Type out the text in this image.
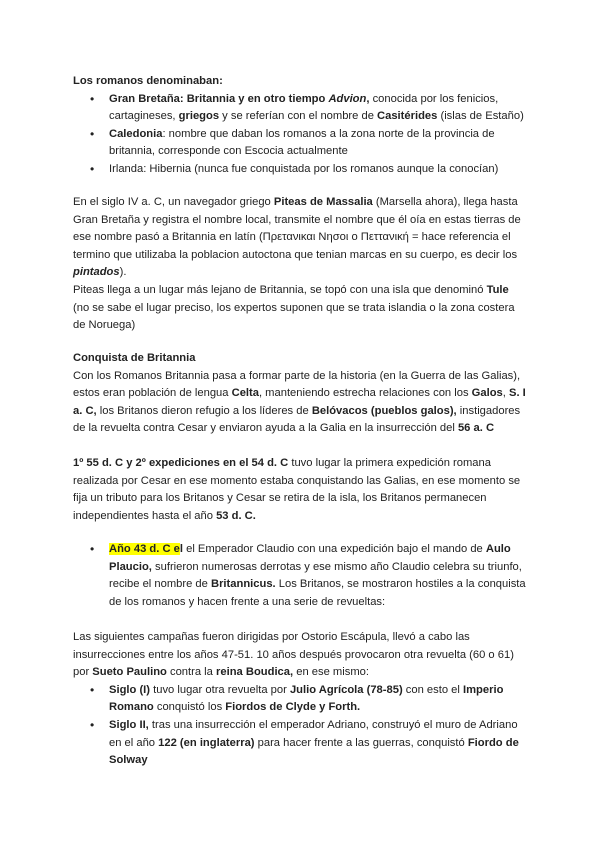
Los romanos denominaban:

• Gran Bretaña: Britannia y en otro tiempo Advion, conocida por los fenicios, cartagineses, griegos y se referían con el nombre de Casitérides (islas de Estaño)
• Caledonia: nombre que daban los romanos a la zona norte de la provincia de britannia, corresponde con Escocia actualmente
• Irlanda: Hibernia (nunca fue conquistada por los romanos aunque la conocían)

En el siglo IV a. C, un navegador griego Piteas de Massalia (Marsella ahora), llega hasta Gran Bretaña y registra el nombre local, transmite el nombre que él oía en estas tierras de ese nombre pasó a Britannia en latín (Πρετανικαι Νησοι ο Πεττανική = hace referencia el termino que utilizaba la poblacion autoctona que tenian marcas en su cuerpo, es decir los pintados).

Piteas llega a un lugar más lejano de Britannia, se topó con una isla que denominó Tule (no se sabe el lugar preciso, los expertos suponen que se trata islandia o la zona costera de Noruega)

Conquista de Britannia

Con los Romanos Britannia pasa a formar parte de la historia (en la Guerra de las Galias), estos eran población de lengua Celta, manteniendo estrecha relaciones con los Galos, S. I a. C, los Britanos dieron refugio a los líderes de Belóvacos (pueblos galos), instigadores de la revuelta contra Cesar y enviaron ayuda a la Galia en la insurrección del 56 a. C

1º 55 d. C y 2º expediciones en el 54 d. C tuvo lugar la primera expedición romana realizada por Cesar en ese momento estaba conquistando las Galias, en ese momento se fija un tributo para los Britanos y Cesar se retira de la isla, los Britanos permanecen independientes hasta el año 53 d. C.

• Año 43 d. C el el Emperador Claudio con una expedición bajo el mando de Aulo Plaucio, sufrieron numerosas derrotas y ese mismo año Claudio celebra su triunfo, recibe el nombre de Britannicus. Los Britanos, se mostraron hostiles a la conquista de los romanos y hacen frente a una serie de revueltas:

Las siguientes campañas fueron dirigidas por Ostorio Escápula, llevó a cabo las insurrecciones entre los años 47-51. 10 años después provocaron otra revuelta (60 o 61) por Sueto Paulino contra la reina Boudica, en ese mismo:

• Siglo (I) tuvo lugar otra revuelta por Julio Agrícola (78-85) con esto el Imperio Romano conquistó los Fiordos de Clyde y Forth.
• Siglo II, tras una insurrección el emperador Adriano, construyó el muro de Adriano en el año 122 (en inglaterra) para hacer frente a las guerras, conquistó Fiordo de Solway
